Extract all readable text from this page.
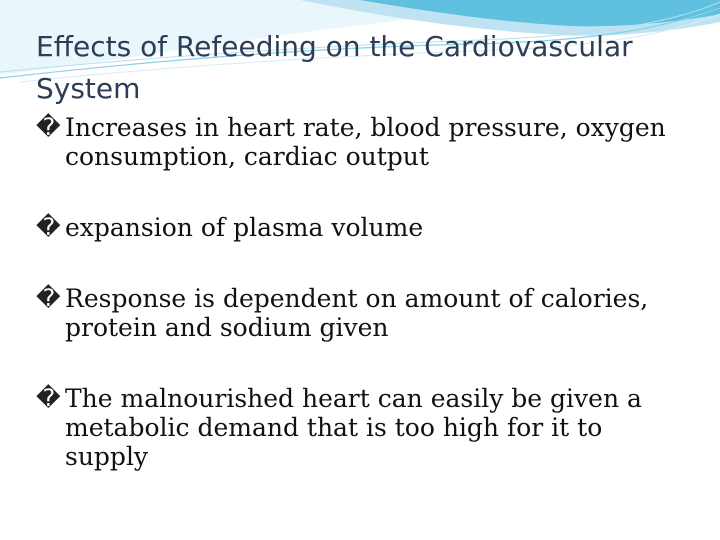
Effects of Refeeding on the Cardiovascular System
� Increases in heart rate, blood pressure, oxygen consumption, cardiac output
� expansion of plasma volume
� Response is dependent on amount of calories, protein and sodium given
� The malnourished heart can easily be given a metabolic demand that is too high for it to supply
